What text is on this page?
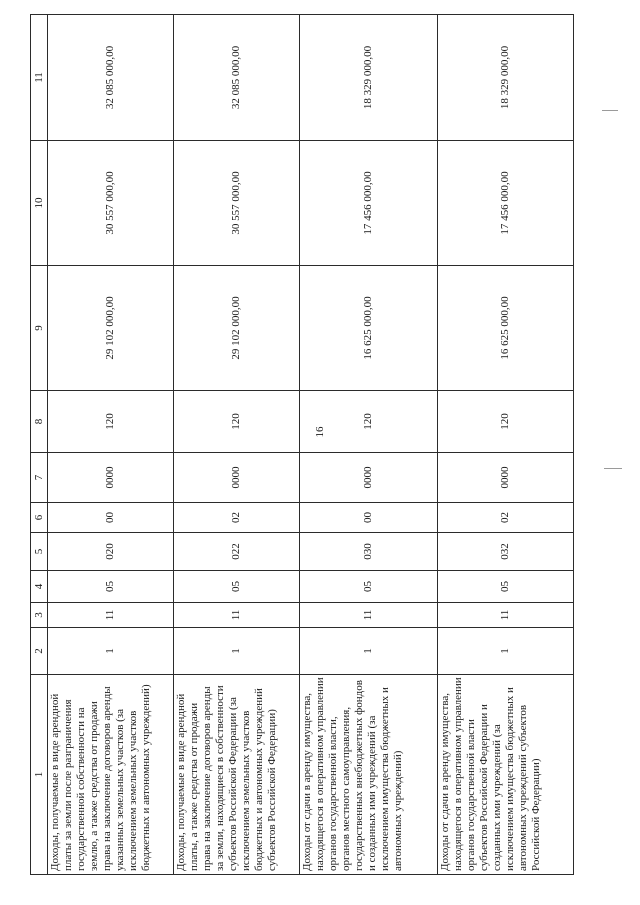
16
1	2	3	4	5	6	7	8	9	10	11
Доходы, получаемые в виде арендной платы за земли после разграничения государственной собственности на землю, а также средства от продажи права на заключение договоров аренды указанных земельных участков (за исключением земельных участков бюджетных и автономных учреждений)	1	11	05	020	00	0000	120	29 102 000,00	30 557 000,00	32 085 000,00
Доходы, получаемые в виде арендной платы, а также средства от продажи права на заключение договоров аренды за земли, находящиеся в собственности субъектов Российской Федерации (за исключением земельных участков бюджетных и автономных учреждений субъектов Российской Федерации)	1	11	05	022	02	0000	120	29 102 000,00	30 557 000,00	32 085 000,00
Доходы от сдачи в аренду имущества, находящегося в оперативном управлении органов государственной власти, органов местного самоуправления, государственных внебюджетных фондов и созданных ими учреждений (за исключением имущества бюджетных и автономных учреждений)	1	11	05	030	00	0000	120	16 625 000,00	17 456 000,00	18 329 000,00
Доходы от сдачи в аренду имущества, находящегося в оперативном управлении органов государственной власти субъектов Российской Федерации и созданных ими учреждений (за исключением имущества бюджетных и автономных учреждений субъектов Российской Федерации)	1	11	05	032	02	0000	120	16 625 000,00	17 456 000,00	18 329 000,00
